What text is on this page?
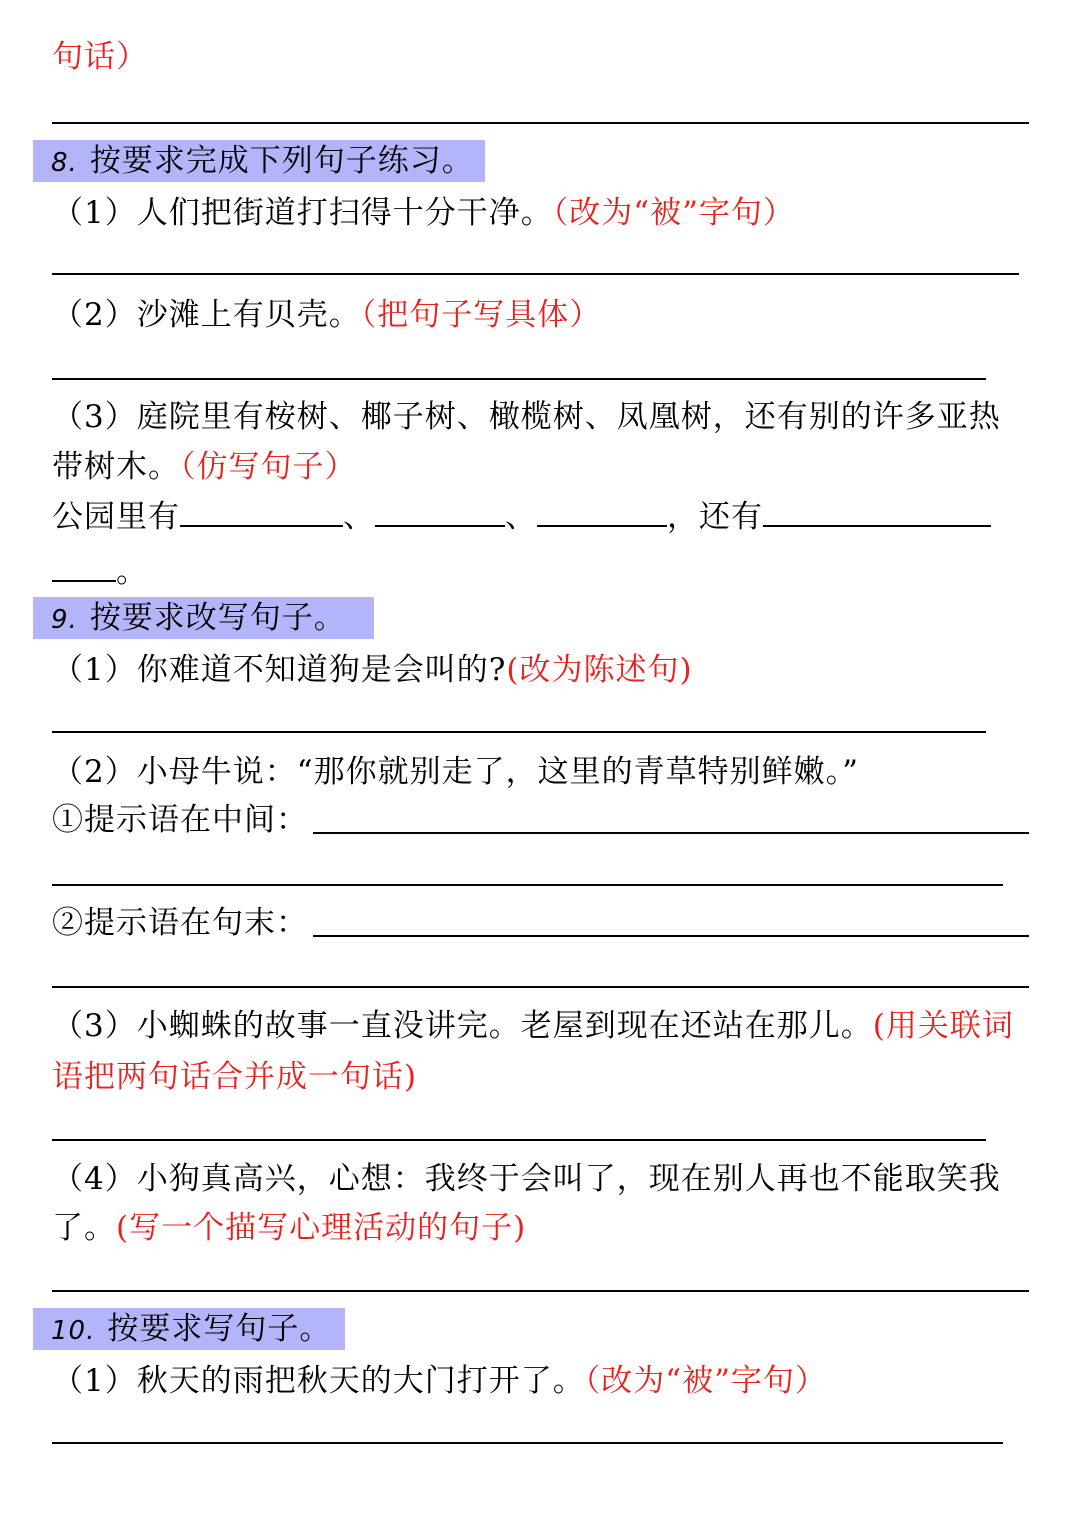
句话）
8. 按要求完成下列句子练习。
（1）人们把街道打扫得十分干净。（改为“被”字句）
（2）沙滩上有贝壳。（把句子写具体）
（3）庭院里有桉树、椰子树、橄榄树、凤凰树，还有别的许多亚热
带树木。（仿写句子）
公园里有	、	、	，还有
。
9. 按要求改写句子。
（1）你难道不知道狗是会叫的?(改为陈述句)
（2）小母牛说：“那你就别走了，这里的青草特别鲜嫩。”
①提示语在中间：
②提示语在句末：
（3）小蜘蛛的故事一直没讲完。老屋到现在还站在那儿。(用关联词
语把两句话合并成一句话)
（4）小狗真高兴，心想：我终于会叫了，现在别人再也不能取笑我
了。(写一个描写心理活动的句子)
10. 按要求写句子。
（1）秋天的雨把秋天的大门打开了。（改为“被”字句）
